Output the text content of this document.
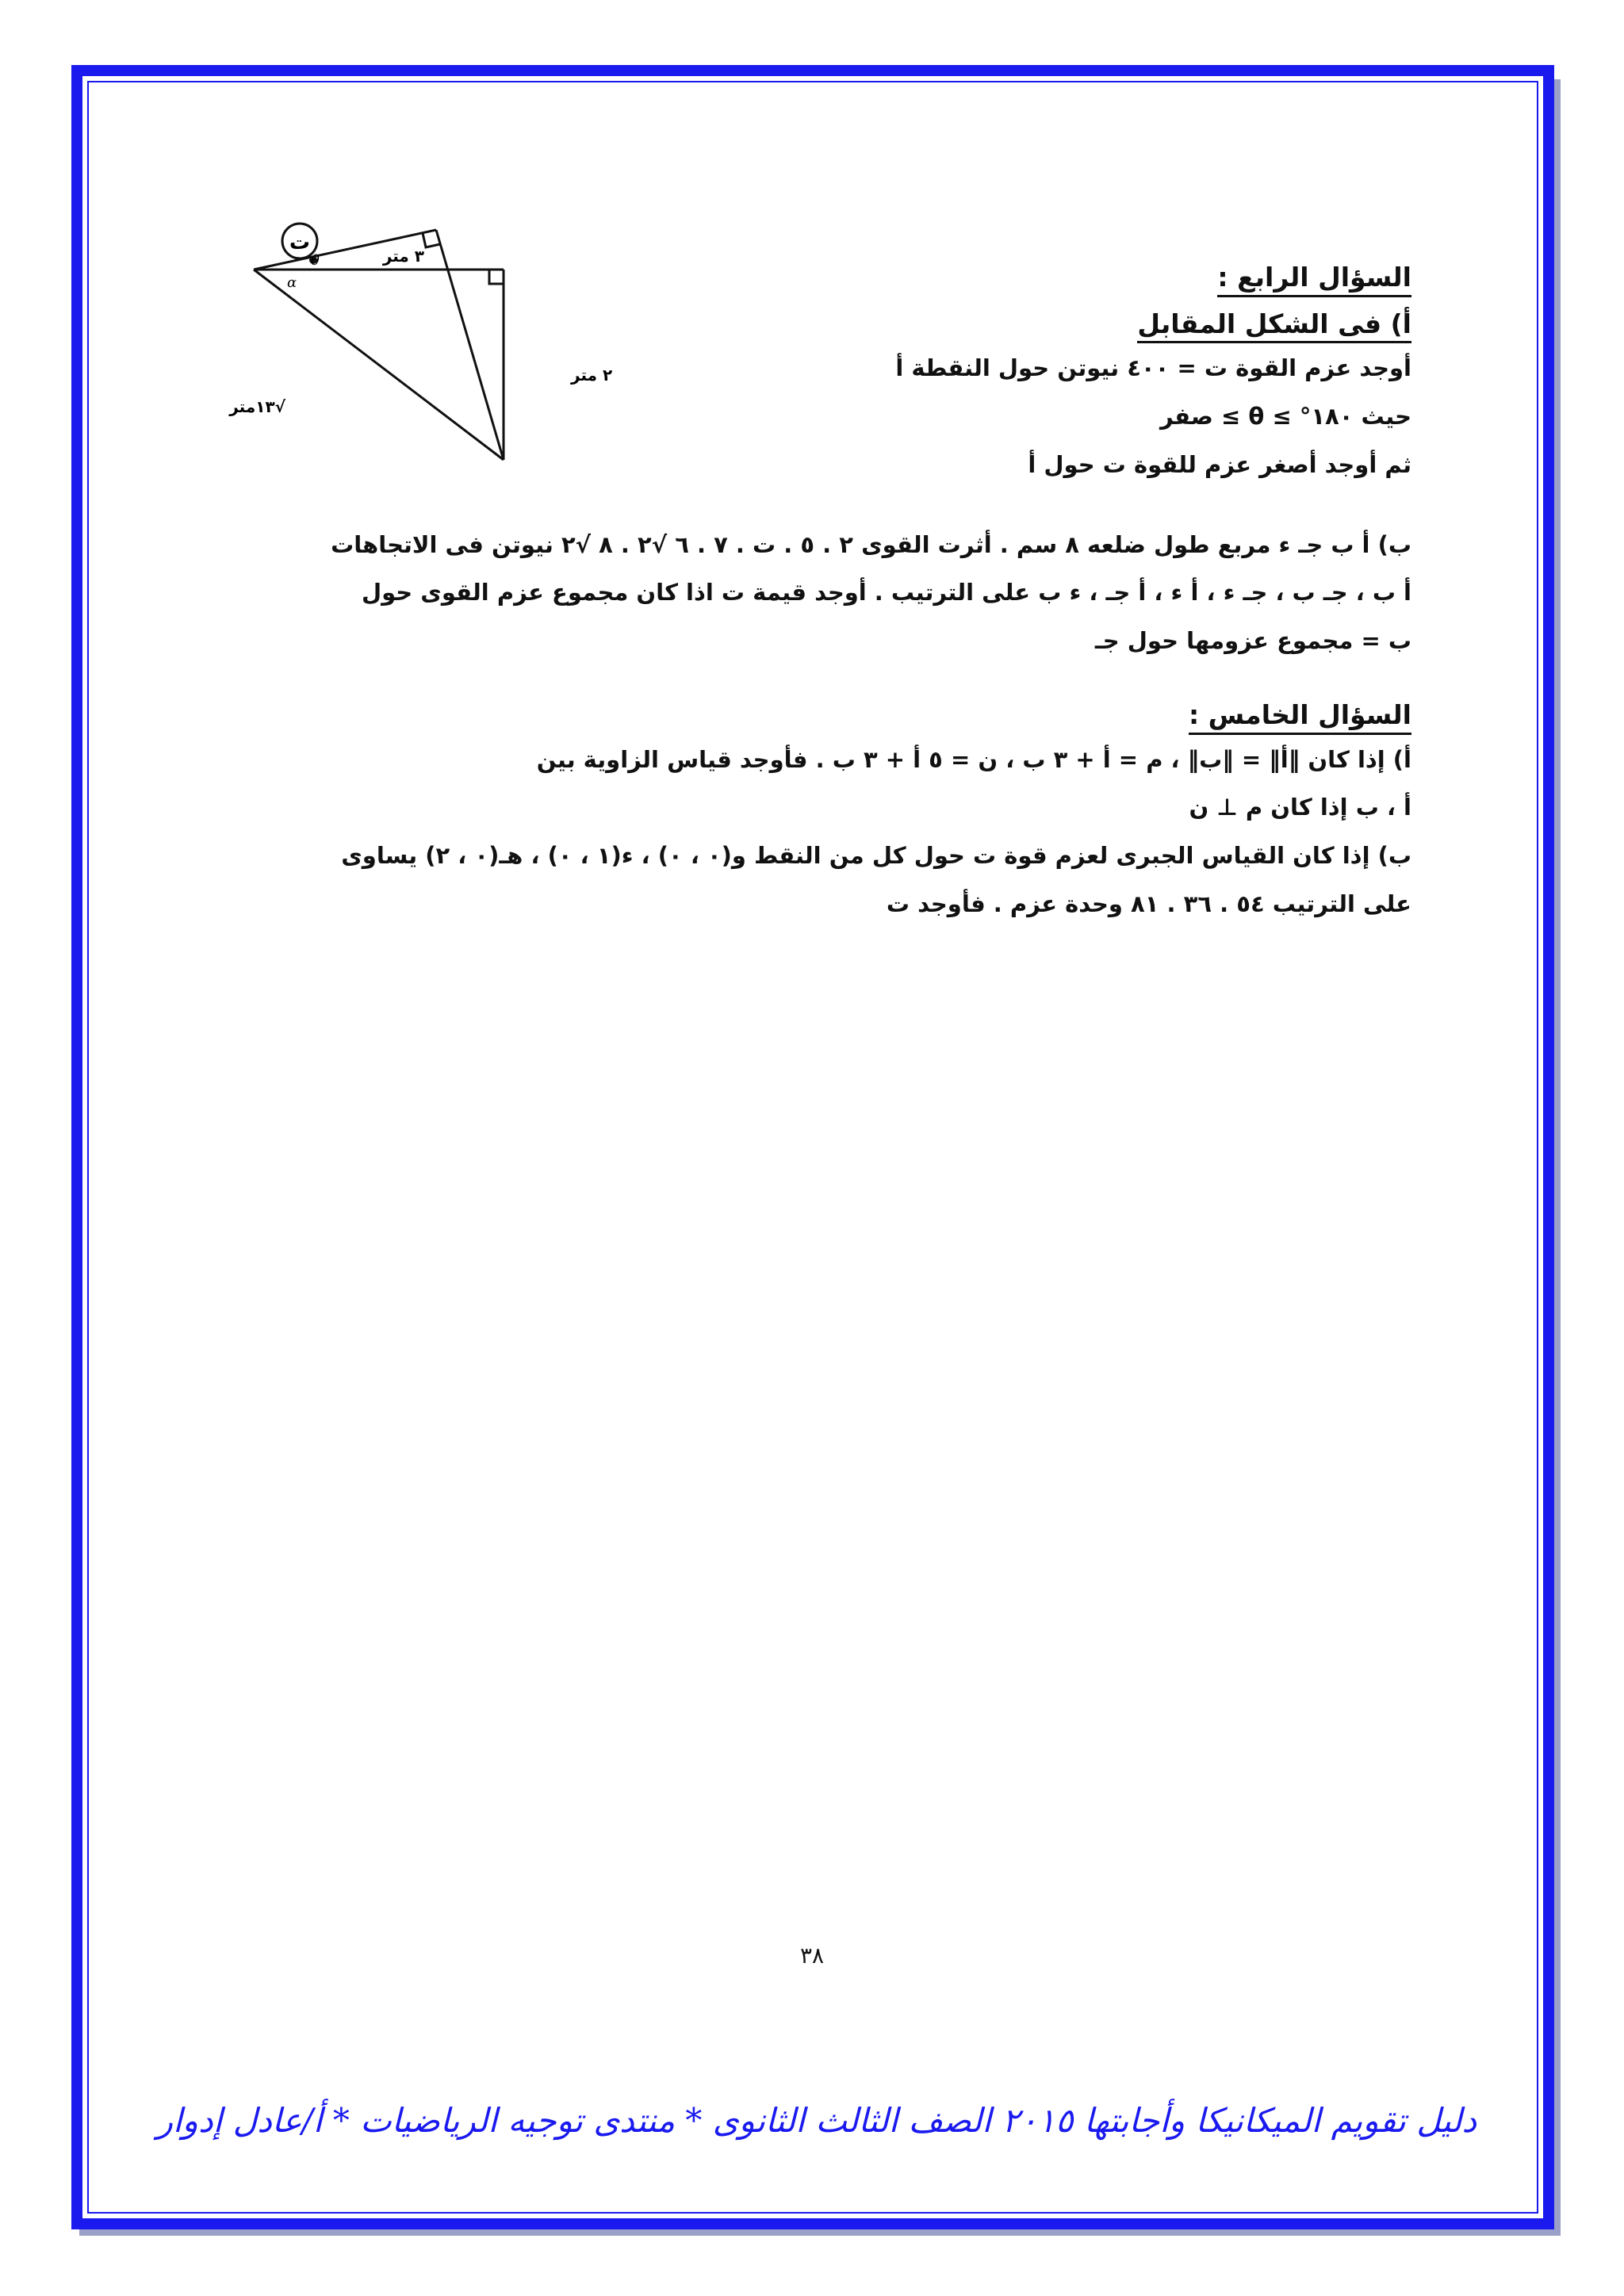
ت
θ
α
٣ متر
٢ متر
√١٣متر
السؤال الرابع :
أ) فى الشكل المقابل
أوجد عزم القوة ت = ٤٠٠ نيوتن حول النقطة أ
حيث ١٨٠° ≥ θ ≥ صفر
ثم أوجد أصغر عزم للقوة ت حول أ
ب) أ ب جـ ء مربع طول ضلعه ٨ سم . أثرت القوى ٢ . ٥ . ت . ٧ . ٦ √٢ . ٨ √٢ نيوتن فى الاتجاهات
أ ب ، جـ ب ، جـ ء ، أ ء ، أ جـ ، ء ب على الترتيب . أوجد قيمة ت اذا كان مجموع عزم القوى حول
ب = مجموع عزومها حول جـ
السؤال الخامس :
أ) إذا كان ‖أ‖ = ‖ب‖ ، م = أ + ٣ ب ، ن = ٥ أ + ٣ ب . فأوجد قياس الزاوية بين
أ ، ب إذا كان م ⊥ ن
ب) إذا كان القياس الجبرى لعزم قوة ت حول كل من النقط و(٠ ، ٠) ، ء(١ ، ٠) ، هـ(٠ ، ٢) يساوى
على الترتيب ٥٤ . ٣٦ . ٨١ وحدة عزم . فأوجد ت
٣٨
دليل تقويم الميكانيكا وأجابتها ٢٠١٥ الصف الثالث الثانوى * منتدى توجيه الرياضيات * أ/عادل إدوار
